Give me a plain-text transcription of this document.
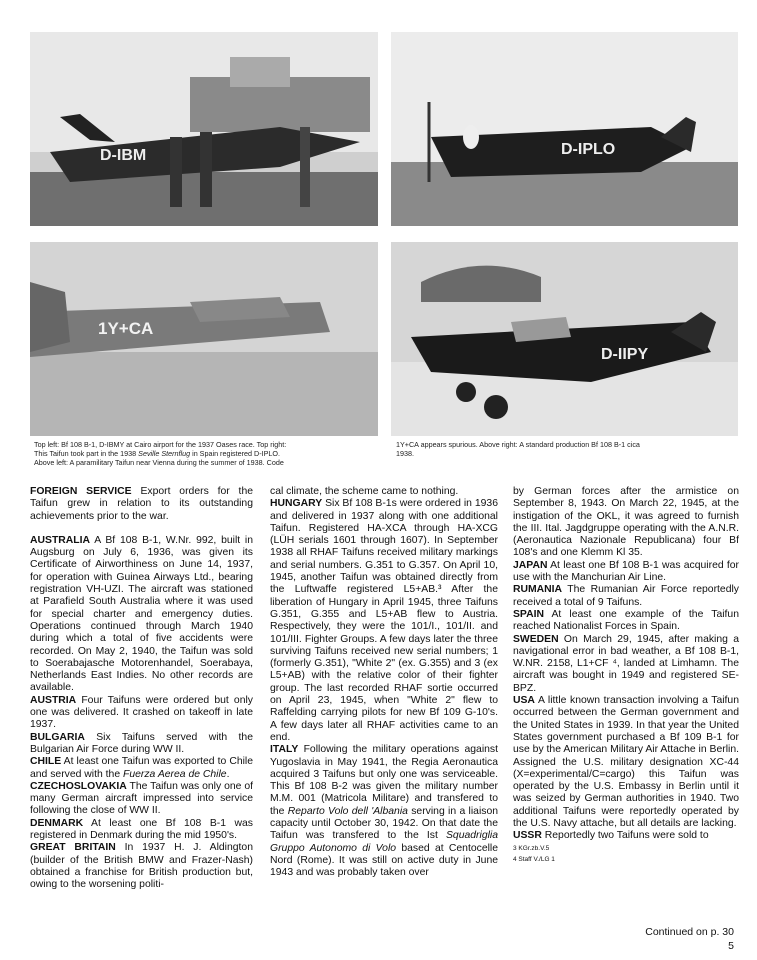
D-IBM	D-IPLO
1Y+CA
D-IIPY
Top left: Bf 108 B-1, D-IBMY at Cairo airport for the 1937 Oases race. Top right:
This Taifun took part in the 1938 Seville Sternflug in Spain registered D-IPLO.
Above left: A paramilitary Taifun near Vienna during the summer of 1938. Code
1Y+CA appears spurious. Above right: A standard production Bf 108 B-1 cica
1938.

FOREIGN SERVICE Export orders for the Taifun grew in relation to its outstanding achievements prior to the war.

AUSTRALIA A Bf 108 B-1, W.Nr. 992, built in Augsburg on July 6, 1936, was given its Certificate of Airworthiness on June 14, 1937, for operation with Guinea Airways Ltd., bearing registration VH-UZI. The aircraft was stationed at Parafield South Australia where it was used for special charter and emergency duties. Operations continued through March 1940 during which a total of five accidents were recorded. On May 2, 1940, the Taifun was sold to Soerabajasche Motorenhandel, Soerabaya, Netherlands East Indies. No other records are available.

AUSTRIA Four Taifuns were ordered but only one was delivered. It crashed on takeoff in late 1937.

BULGARIA Six Taifuns served with the Bulgarian Air Force during WW II.

CHILE At least one Taifun was exported to Chile and served with the Fuerza Aerea de Chile.

CZECHOSLOVAKIA The Taifun was only one of many German aircraft impressed into service following the close of WW II.

DENMARK At least one Bf 108 B-1 was registered in Denmark during the mid 1950's.

GREAT BRITAIN In 1937 H. J. Aldington (builder of the British BMW and Frazer-Nash) obtained a franchise for British production but, owing to the worsening politi-

cal climate, the scheme came to nothing.

HUNGARY Six Bf 108 B-1s were ordered in 1936 and delivered in 1937 along with one additional Taifun. Registered HA-XCA through HA-XCG (LÜH serials 1601 through 1607). In September 1938 all RHAF Taifuns received military markings and serial numbers. G.351 to G.357. On April 10, 1945, another Taifun was obtained directly from the Luftwaffe registered L5+AB.³ After the liberation of Hungary in April 1945, three Taifuns G.351, G.355 and L5+AB flew to Austria. Respectively, they were the 101/I., 101/II. and 101/III. Fighter Groups. A few days later the three surviving Taifuns received new serial numbers; 1 (formerly G.351), "White 2" (ex. G.355) and 3 (ex L5+AB) with the relative color of their fighter group. The last recorded RHAF sortie occurred on April 23, 1945, when "White 2" flew to Raffelding carrying pilots for new Bf 109 G-10's. A few days later all RHAF activities came to an end.

ITALY Following the military operations against Yugoslavia in May 1941, the Regia Aeronautica acquired 3 Taifuns but only one was serviceable. This Bf 108 B-2 was given the military number M.M. 001 (Matricola Militare) and transfered to the Reparto Volo dell 'Albania serving in a liaison capacity until October 30, 1942. On that date the Taifun was transfered to the Ist Squadriglia Gruppo Autonomo di Volo based at Centocelle Nord (Rome). It was still on active duty in June 1943 and was probably taken over

by German forces after the armistice on September 8, 1943. On March 22, 1945, at the instigation of the OKL, it was agreed to furnish the III. Ital. Jagdgruppe operating with the A.N.R. (Aeronautica Nazionale Republicana) four Bf 108's and one Klemm Kl 35.

JAPAN At least one Bf 108 B-1 was acquired for use with the Manchurian Air Line.

RUMANIA The Rumanian Air Force reportedly received a total of 9 Taifuns.

SPAIN At least one example of the Taifun reached Nationalist Forces in Spain.

SWEDEN On March 29, 1945, after making a navigational error in bad weather, a Bf 108 B-1, W.NR. 2158, L1+CF ⁴, landed at Limhamn. The aircraft was bought in 1949 and registered SE-BPZ.

USA A little known transaction involving a Taifun occurred between the German government and the United States in 1939. In that year the United States government purchased a Bf 109 B-1 for use by the American Military Air Attache in Berlin. Assigned the U.S. military designation XC-44 (X=experimental/C=cargo) this Taifun was operated by the U.S. Embassy in Berlin until it was seized by German authorities in 1940. Two additional Taifuns were reportedly operated by the U.S. Navy attache, but all details are lacking.

USSR Reportedly two Taifuns were sold to

3 KGr.zb.V.5
4 Staff V./LG 1
Continued on p. 30
5
